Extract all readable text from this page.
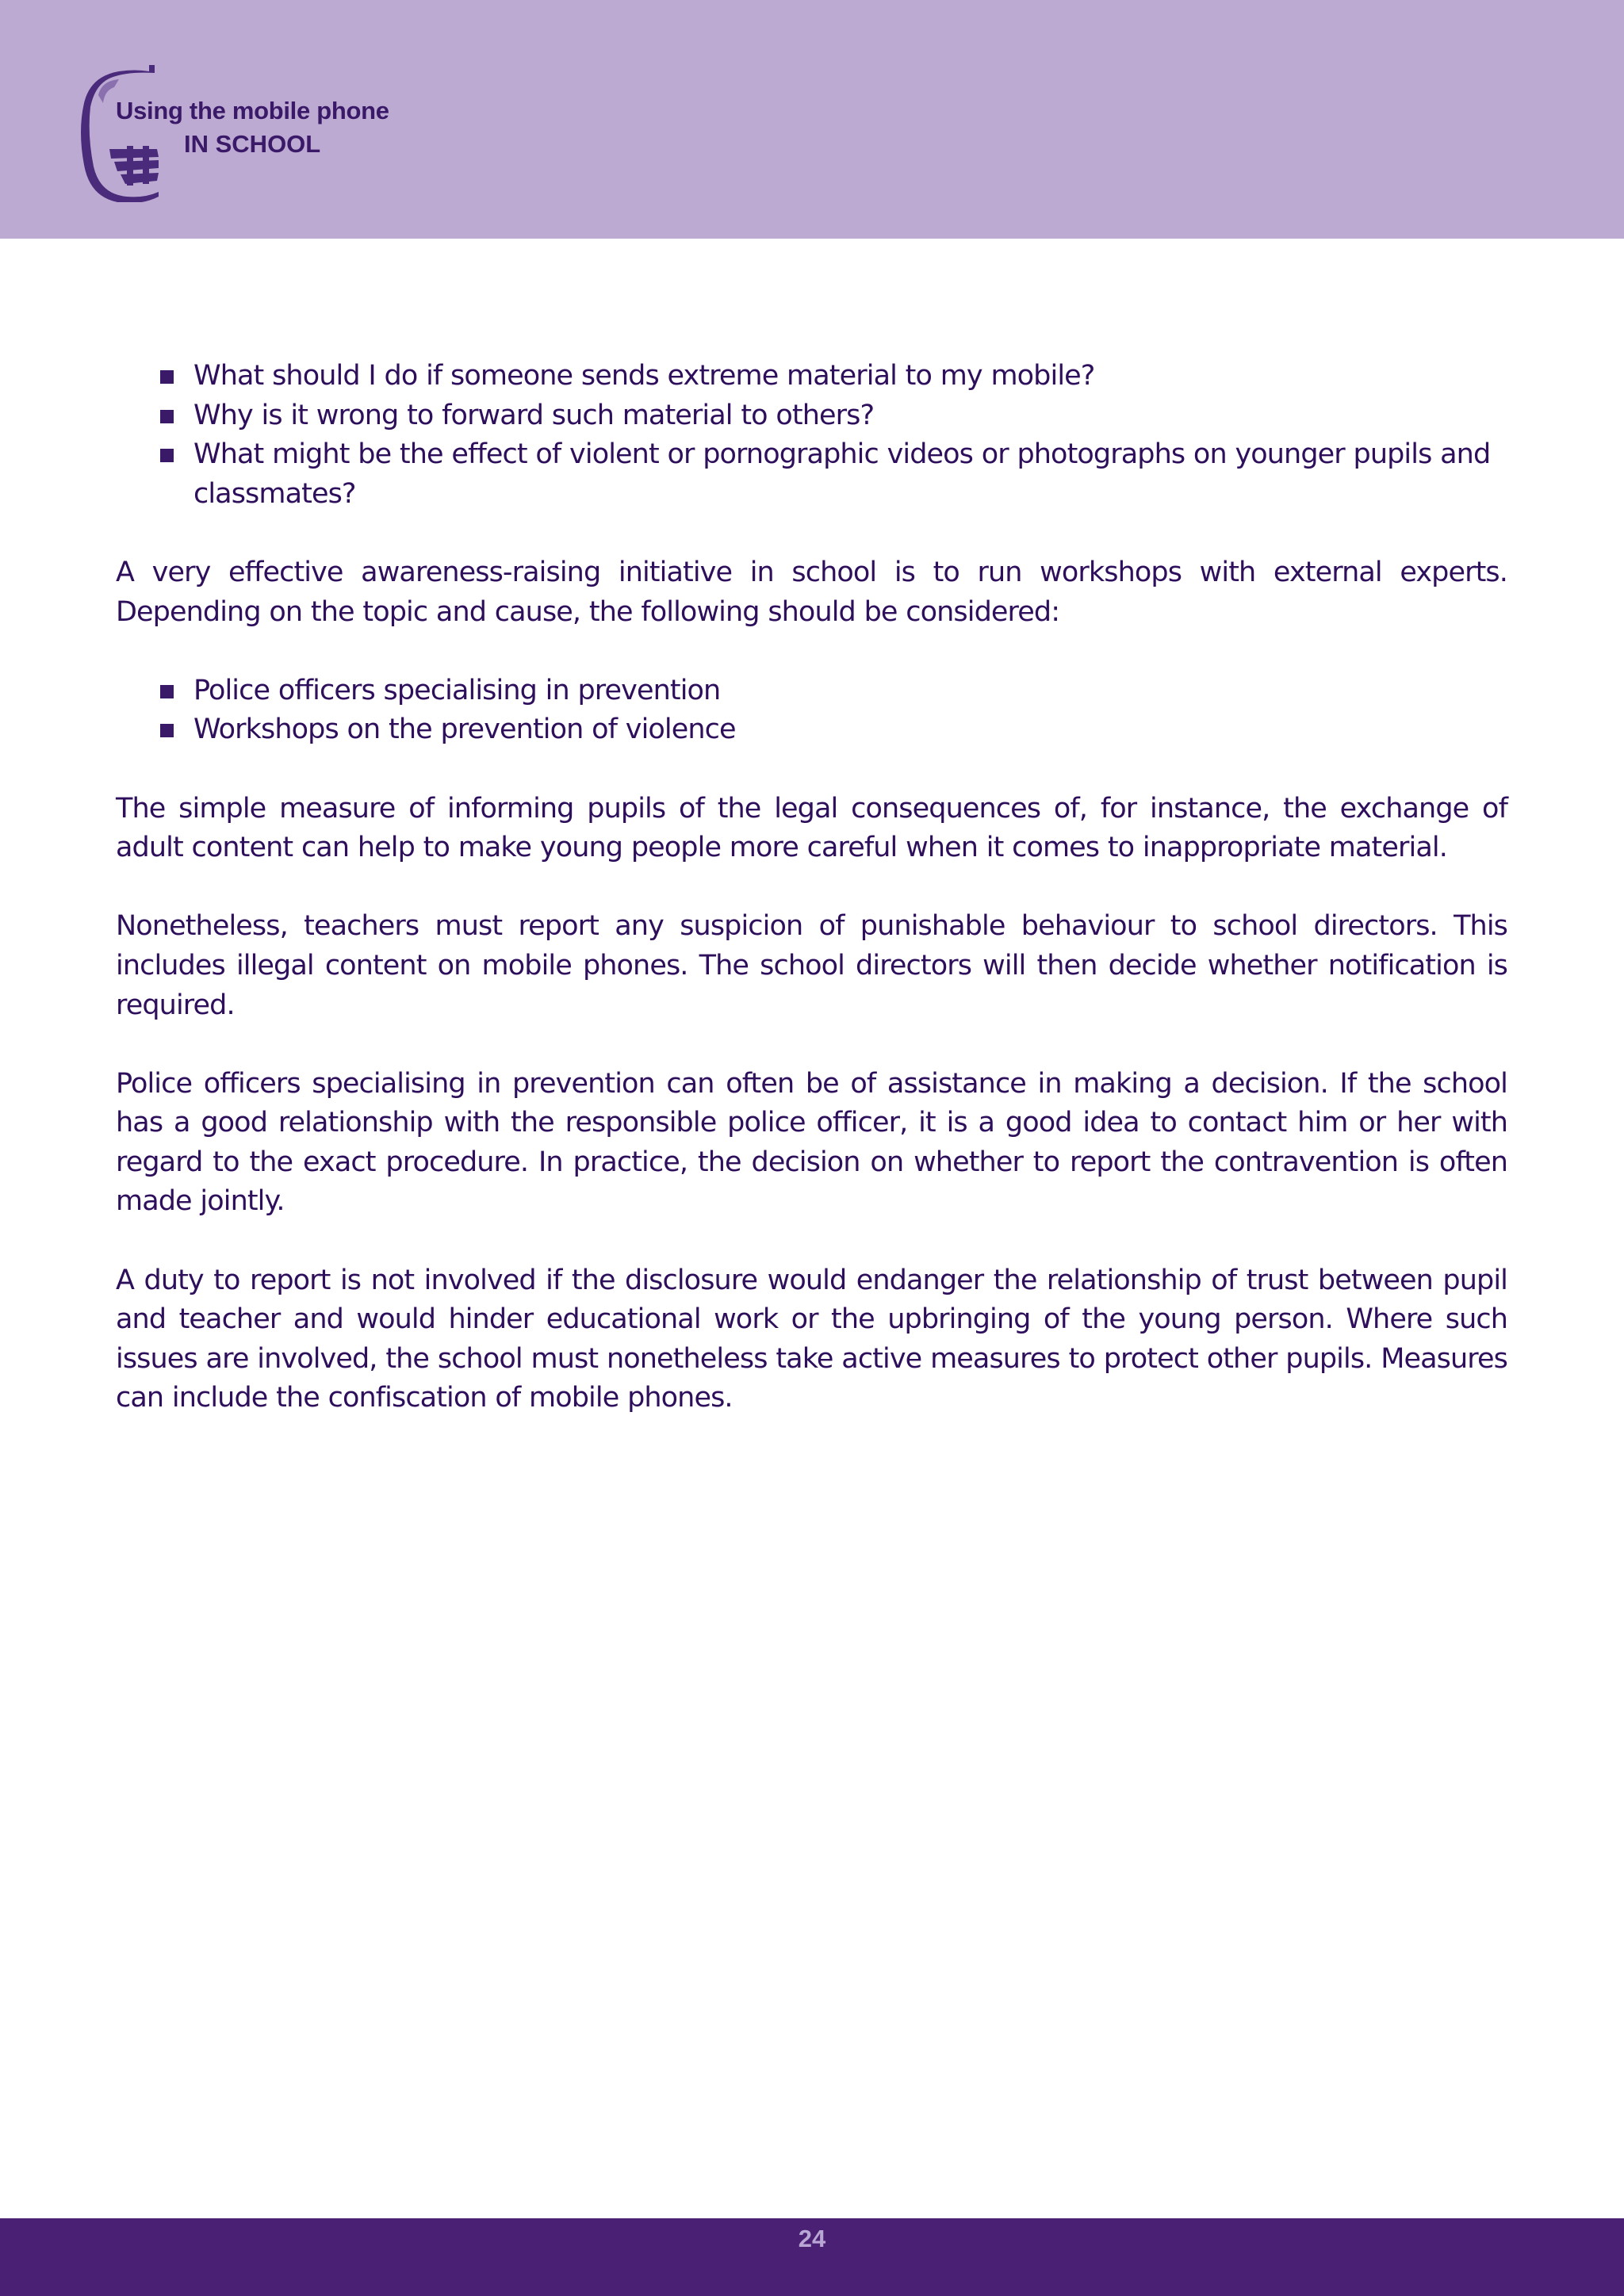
Using the mobile phone
IN SCHOOL
What should I do if someone sends extreme material to my mobile?
Why is it wrong to forward such material to others?
What might be the effect of violent or pornographic videos or photographs on younger pupils and classmates?

A very effective awareness-raising initiative in school is to run workshops with external experts. Depending on the topic and cause, the following should be considered:

Police officers specialising in prevention
Workshops on the prevention of violence

The simple measure of informing pupils of the legal consequences of, for instance, the exchange of adult content can help to make young people more careful when it comes to inappropriate material.

Nonetheless, teachers must report any suspicion of punishable behaviour to school directors. This includes illegal content on mobile phones. The school directors will then decide whether notification is required.

Police officers specialising in prevention can often be of assistance in making a decision. If the school has a good relationship with the responsible police officer, it is a good idea to contact him or her with regard to the exact procedure. In practice, the decision on whether to report the contravention is often made jointly.

A duty to report is not involved if the disclosure would endanger the relationship of trust between pupil and teacher and would hinder educational work or the upbringing of the young person. Where such issues are involved, the school must nonetheless take active measures to protect other pupils. Measures can include the confiscation of mobile phones.

24
